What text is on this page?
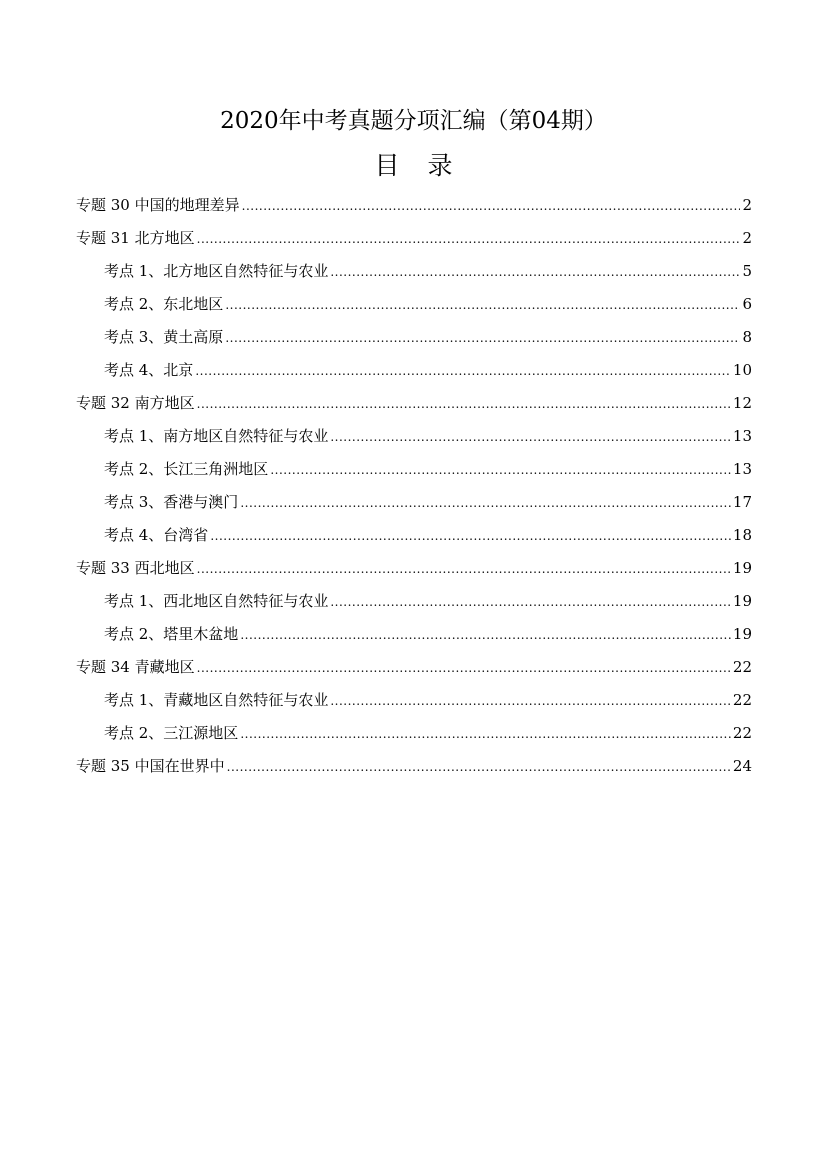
2020年中考真题分项汇编（第04期）
目 录
专题 30 中国的地理差异 .....	2
专题 31 北方地区 .....	2
考点 1、北方地区自然特征与农业 .....	5
考点 2、东北地区 .....	6
考点 3、黄土高原 .....	8
考点 4、北京 .....	10
专题 32 南方地区 .....	12
考点 1、南方地区自然特征与农业 .....	13
考点 2、长江三角洲地区 .....	13
考点 3、香港与澳门 .....	17
考点 4、台湾省 .....	18
专题 33 西北地区 .....	19
考点 1、西北地区自然特征与农业 .....	19
考点 2、塔里木盆地 .....	19
专题 34 青藏地区 .....	22
考点 1、青藏地区自然特征与农业 .....	22
考点 2、三江源地区 .....	22
专题 35 中国在世界中 .....	24
